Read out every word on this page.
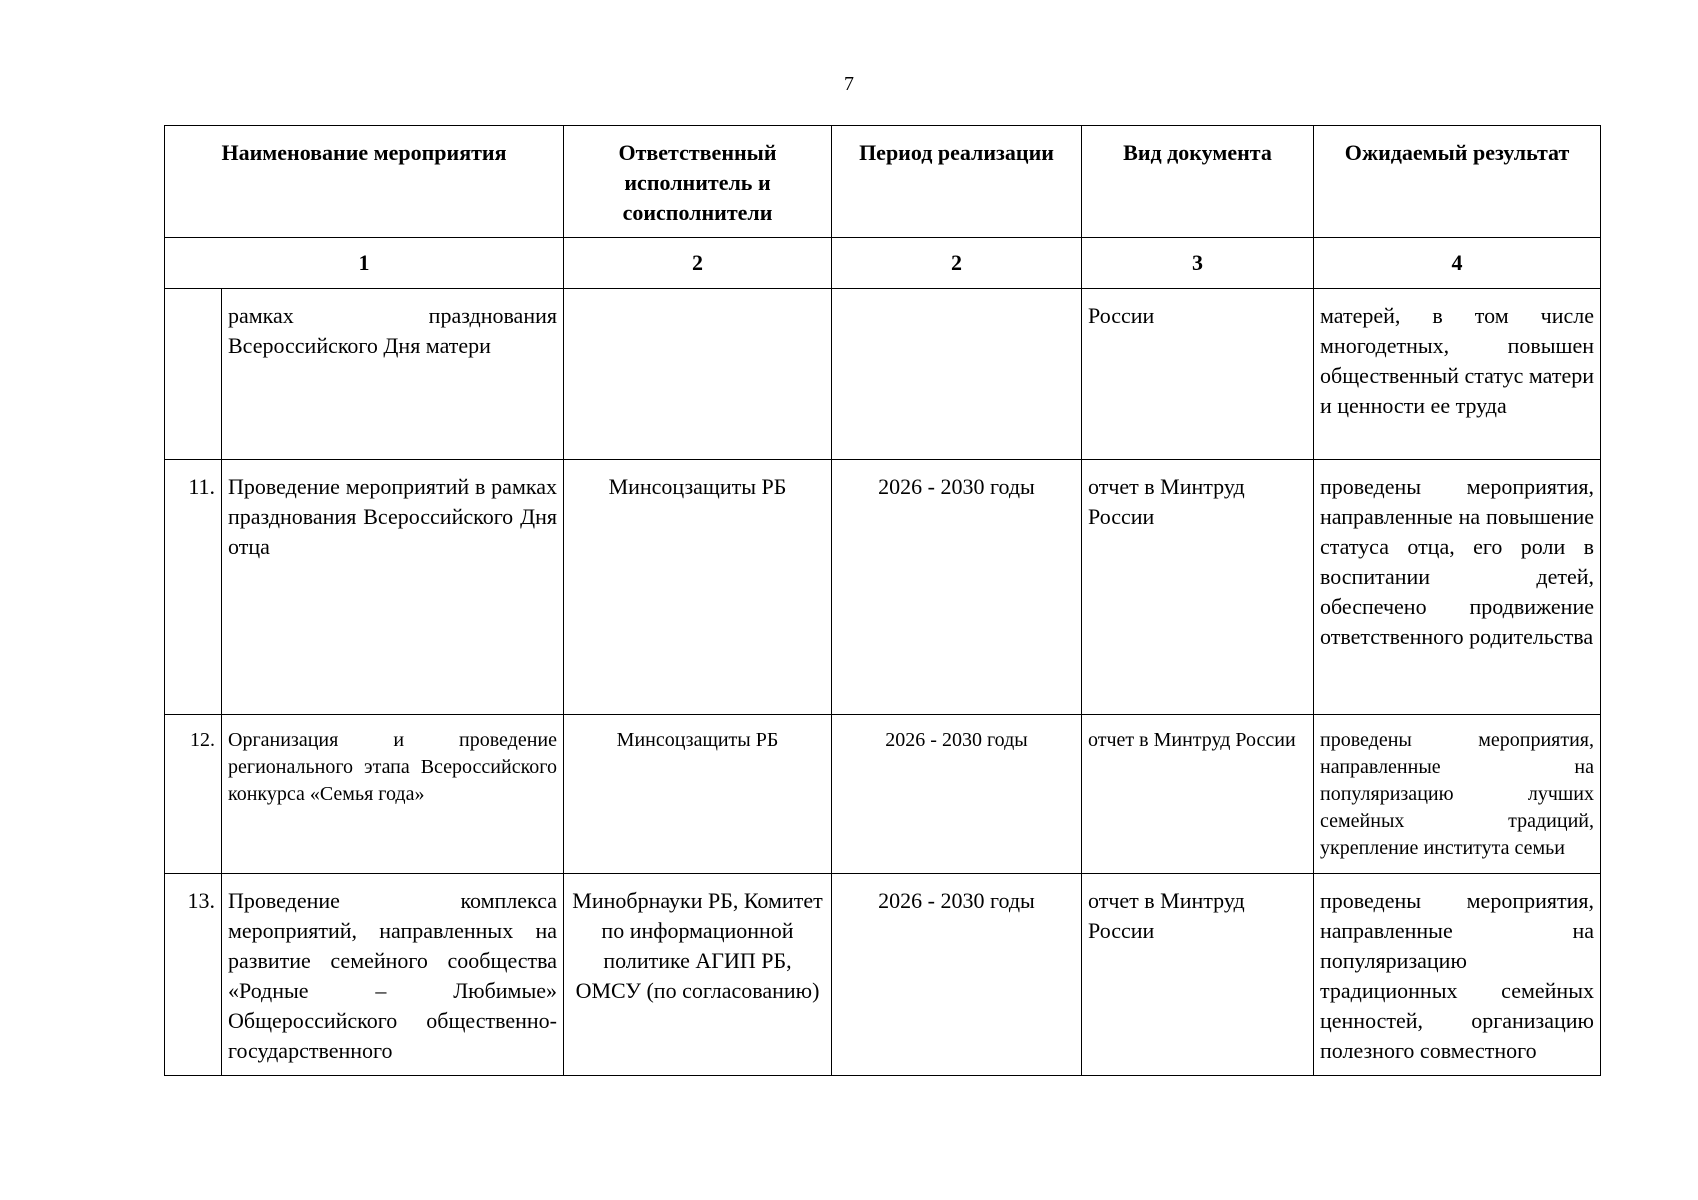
7
Наименование мероприятия		Ответственный исполнитель и соисполнители	Период реализации	Вид документа	Ожидаемый результат
1		2	2	3	4
	рамках празднования Всероссийского Дня матери			России	матерей, в том числе многодетных, повышен общественный статус матери и ценности ее труда
11.	Проведение мероприятий в рамках празднования Всероссийского Дня отца	Минсоцзащиты РБ	2026 - 2030 годы	отчет в Минтруд России	проведены мероприятия, направленные на повышение статуса отца, его роли в воспитании детей, обеспечено продвижение ответственного родительства
12.	Организация и проведение регионального этапа Всероссийского конкурса «Семья года»	Минсоцзащиты РБ	2026 - 2030 годы	отчет в Минтруд России	проведены мероприятия, направленные на популяризацию лучших семейных традиций, укрепление института семьи
13.	Проведение комплекса мероприятий, направленных на развитие семейного сообщества «Родные – Любимые» Общероссийского общественно-государственного	Минобрнауки РБ, Комитет по информационной политике АГИП РБ, ОМСУ (по согласованию)	2026 - 2030 годы	отчет в Минтруд России	проведены мероприятия, направленные на популяризацию традиционных семейных ценностей, организацию полезного совместного
